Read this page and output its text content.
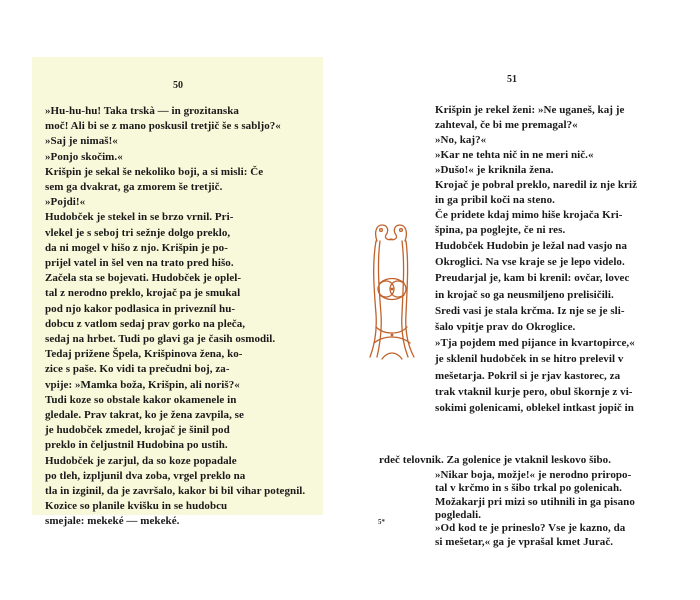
50
»Hu-hu-hu! Taka trskà — in grozitanska
moč! Ali bi se z mano poskusil tretjič še s sabljo?«
»Saj je nimaš!«
»Ponjo skočim.«
Krišpin je sekal še nekoliko boji, a si misli: Če
sem ga dvakrat, ga zmorem še tretjič.
»Pojdi!«
Hudobček je stekel in se brzo vrnil. Pri-
vlekel je s seboj tri sežnje dolgo preklo,
da ni mogel v hišo z njo. Krišpin je po-
prijel vatel in šel ven na trato pred hišo.
Začela sta se bojevati. Hudobček je oplel-
tal z nerodno preklo, krojač pa je smukal
pod njo kakor podlasica in privezníl hu-
dobcu z vatlom sedaj prav gorko na pleča,
sedaj na hrbet. Tudi po glavi ga je časih osmodil.
Tedaj prižene Špela, Krišpinova žena, ko-
zice s paše. Ko vidi ta prečudni boj, za-
vpije: »Mamka boža, Krišpin, ali noriš?«
Tudi koze so obstale kakor okamenele in
gledale. Prav takrat, ko je žena zavpila, se
je hudobček zmedel, krojač je šinil pod
preklo in čeljustnil Hudobina po ustih.
Hudobček je zarjul, da so koze popadale
po tleh, izpljunil dva zoba, vrgel preklo na
tla in izginil, da je završalo, kakor bi bil vihar potegnil.
Kozice so planile kvišku in se hudobcu
smejale: mekeké — mekeké.
51
Krišpin je rekel ženi: »Ne uganeš, kaj je
zahteval, če bi me premagal?«
»No, kaj?«
»Kar ne tehta nič in ne meri nič.«
»Dušo!« je kriknila žena.
Krojač je pobral preklo, naredil iz nje križ
in ga pribil koči na steno.
Če pridete kdaj mimo hiše krojača Kri-
špina, pa poglejte, če ni res.
Hudobček Hudobin je ležal nad vasjo na
Okroglici. Na vse kraje se je lepo videlo.
Preudarjal je, kam bi krenil: ovčar, lovec
in krojač so ga neusmiljeno prelisičili.
Sredi vasi je stala krčma. Iz nje se je sli-
šalo vpitje prav do Okroglice.
»Tja pojdem med pijance in kvartopirce,«
je sklenil hudobček in se hitro prelevil v
mešetarja. Pokril si je rjav kastorec, za
trak vtaknil kurje pero, obul škornje z vi-
sokimi golenicami, oblekel intkast jopič in
rdeč telovnik. Za golenice je vtaknil leskovo šibo.
»Nikar boja, možje!« je nerodno priropo-
tal v krčmo in s šibo trkal po golenicah.
Možakarji pri mizi so utihnili in ga pisano
pogledali.
»Od kod te je prineslo? Vse je kazno, da
si mešetar,« ga je vprašal kmet Jurač.
5*
